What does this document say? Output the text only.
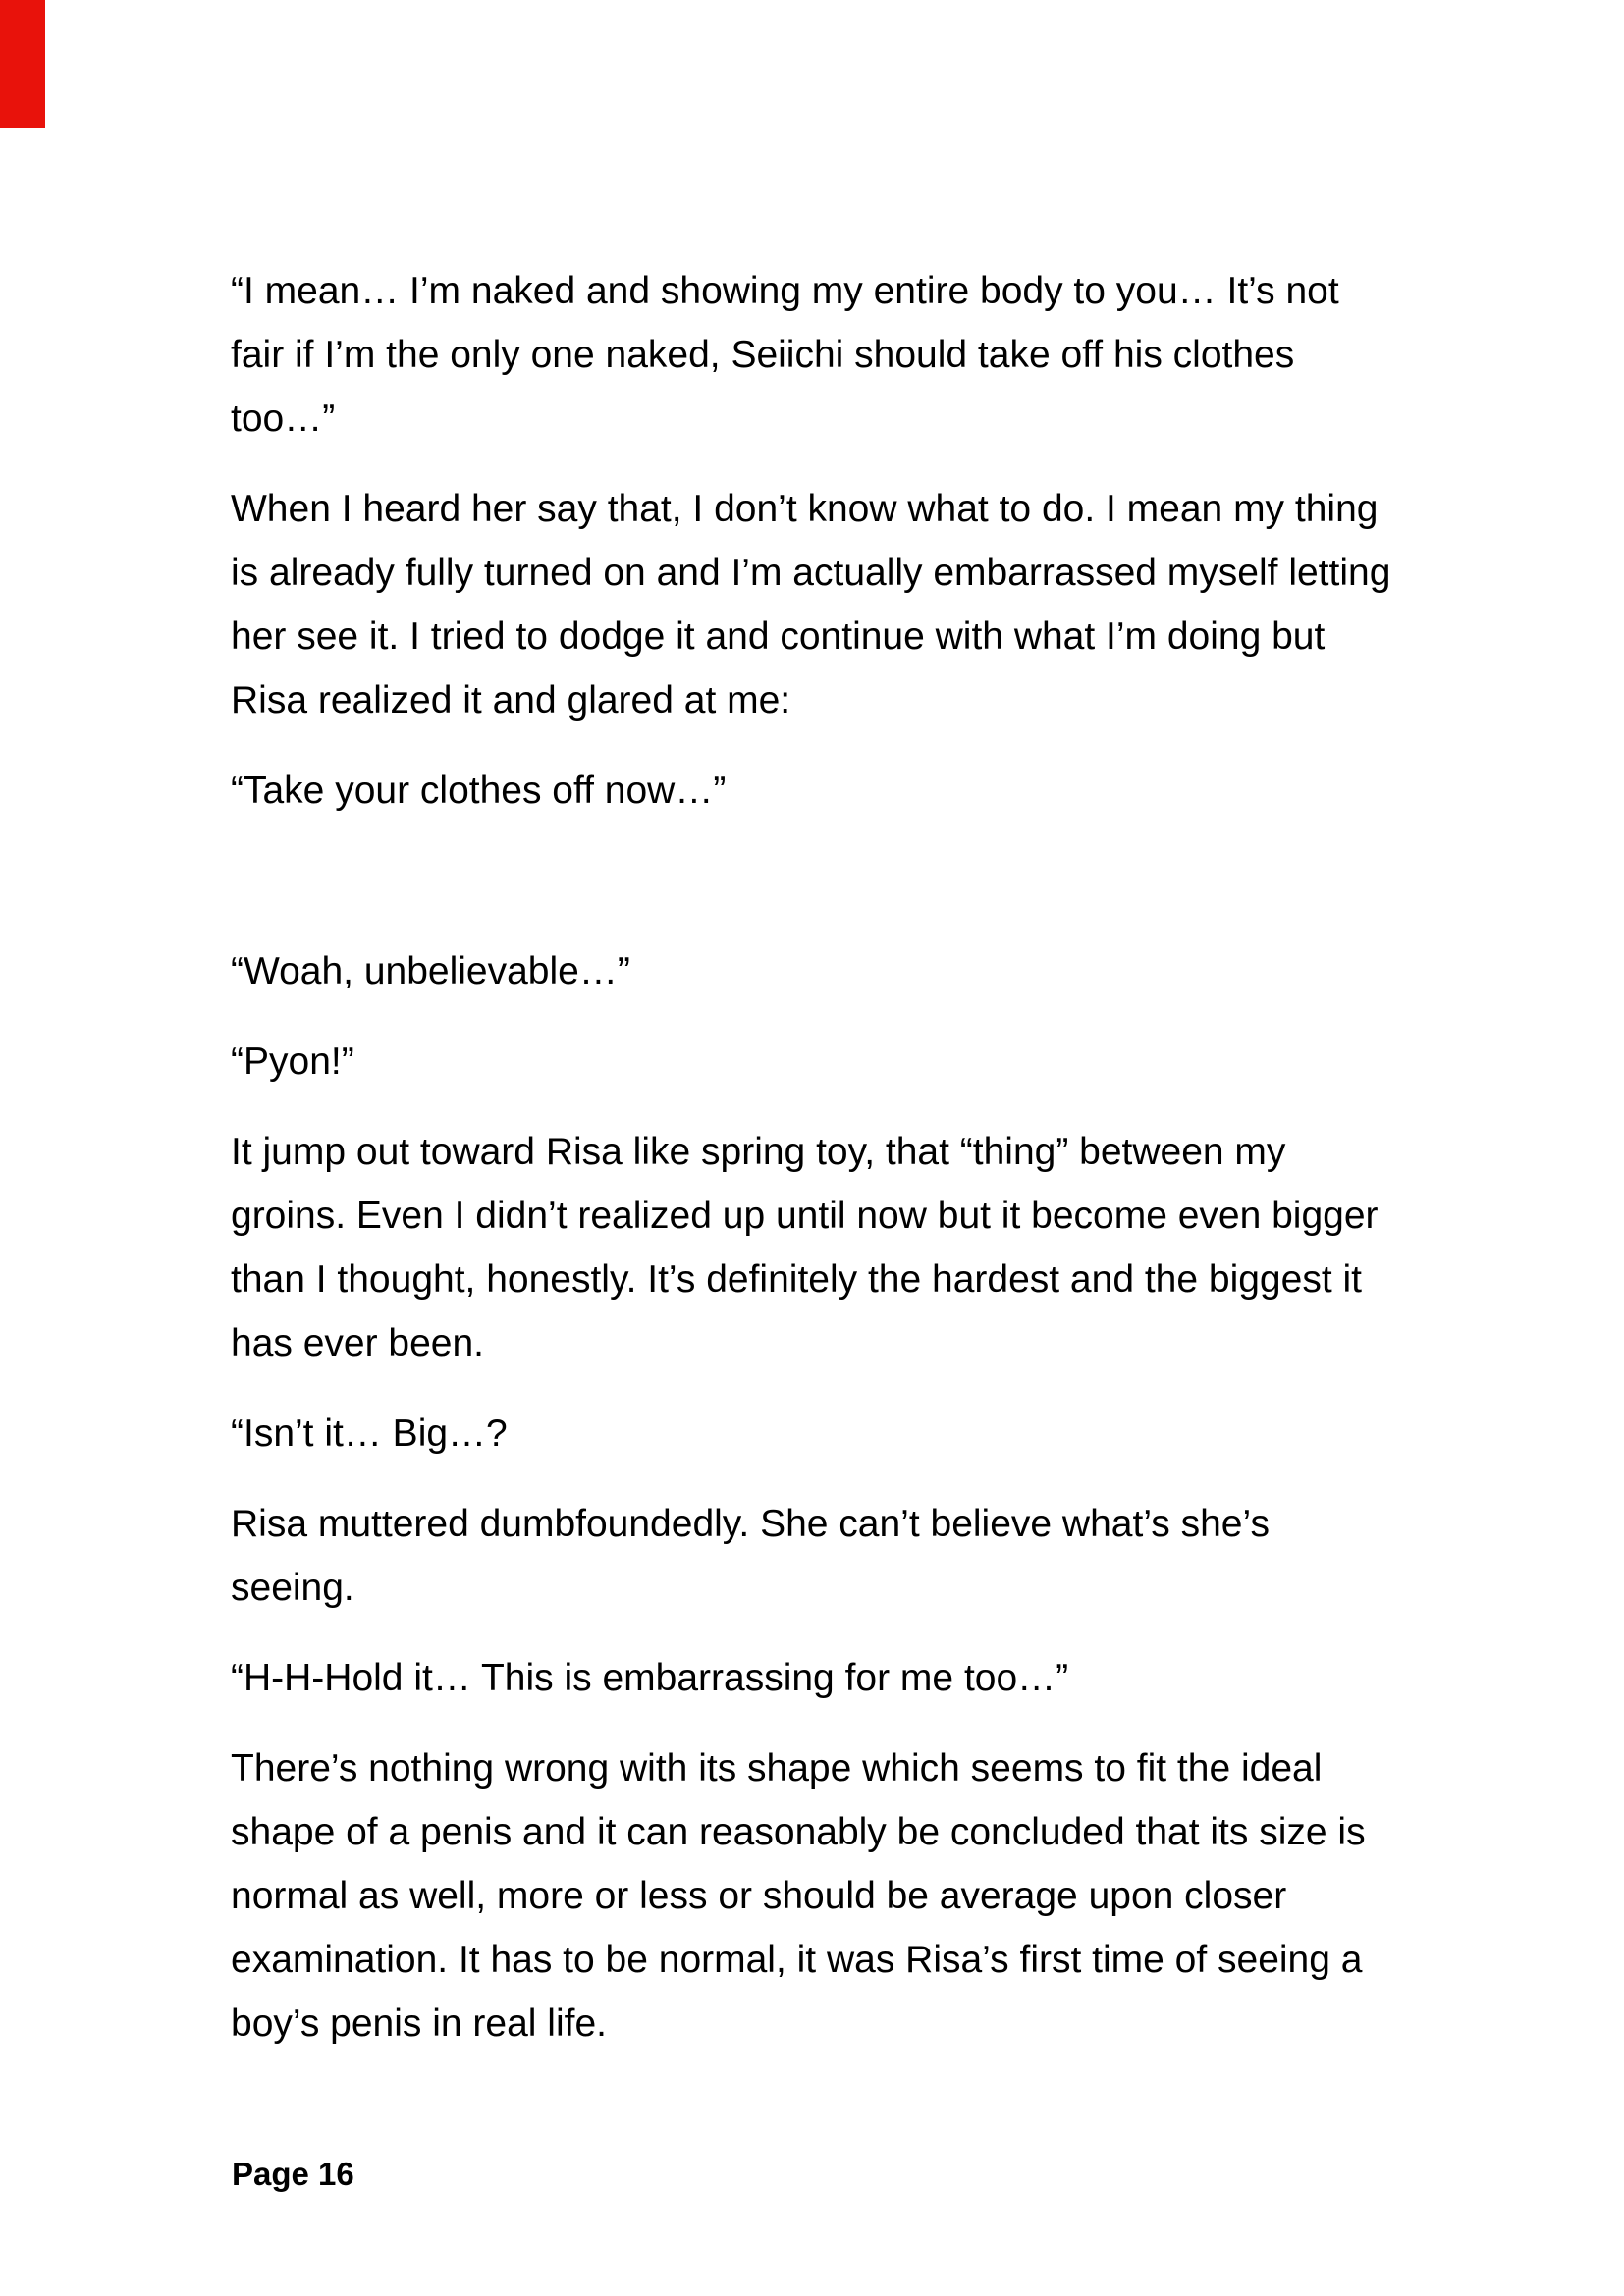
“I mean… I’m naked and showing my entire body to you… It’s not
fair if I’m the only one naked, Seiichi should take off his clothes
too…”
When I heard her say that, I don’t know what to do. I mean my thing
is already fully turned on and I’m actually embarrassed myself letting
her see it. I tried to dodge it and continue with what I’m doing but
Risa realized it and glared at me:
“Take your clothes off now…”
“Woah, unbelievable…”
“Pyon!”
It jump out toward Risa like spring toy, that “thing” between my
groins. Even I didn’t realized up until now but it become even bigger
than I thought, honestly. It’s definitely the hardest and the biggest it
has ever been.
“Isn’t it… Big…?
Risa muttered dumbfoundedly. She can’t believe what’s she’s
seeing.
“H-H-Hold it… This is embarrassing for me too…”
There’s nothing wrong with its shape which seems to fit the ideal
shape of a penis and it can reasonably be concluded that its size is
normal as well, more or less or should be average upon closer
examination. It has to be normal, it was Risa’s first time of seeing a
boy’s penis in real life.
Page 16
